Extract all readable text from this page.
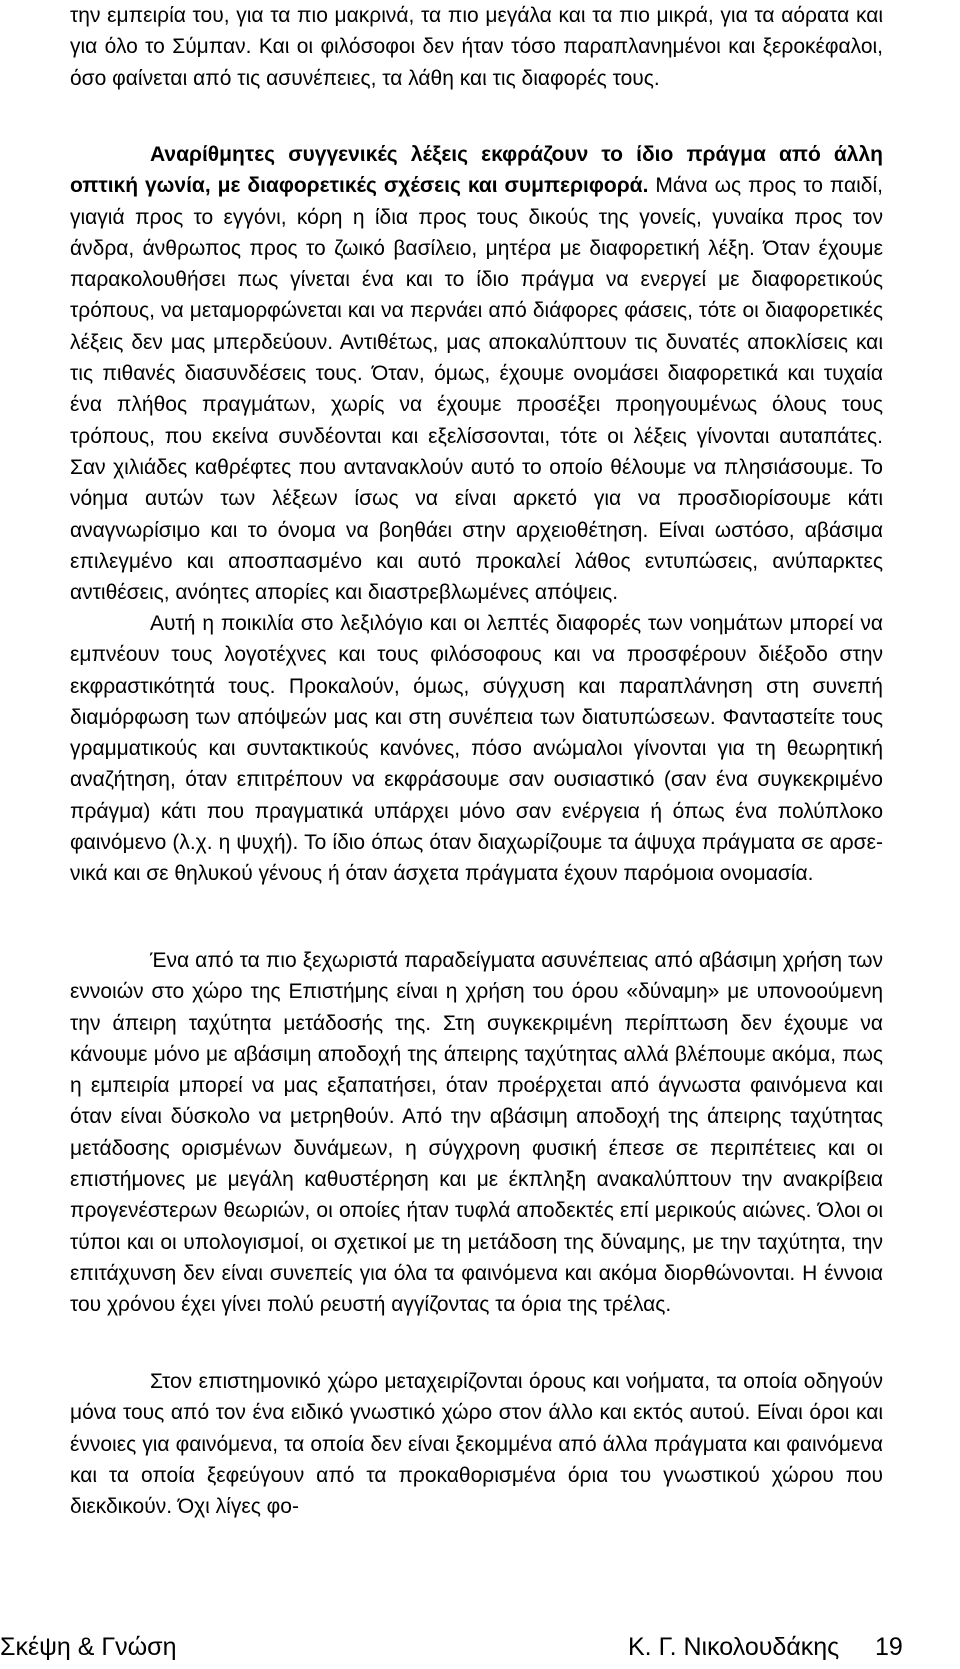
την εμπειρία του, για τα πιο μακρινά, τα πιο μεγάλα και τα πιο μικρά, για τα αόρατα και για όλο το Σύμπαν. Και οι φιλόσοφοι δεν ήταν τόσο παραπλανημένοι και ξεροκέφαλοι, όσο φαίνεται από τις ασυνέπειες, τα λάθη και τις διαφορές τους.

Αναρίθμητες συγγενικές λέξεις εκφράζουν το ίδιο πράγμα από άλλη οπτική γωνία, με διαφορετικές σχέσεις και συμπεριφορά. Μάνα ως προς το παιδί, γιαγιά προς το εγγόνι, κόρη η ίδια προς τους δικούς της γονείς, γυναίκα προς τον άνδρα, άνθρωπος προς το ζωικό βασίλειο, μητέρα με διαφορετική λέξη. Όταν έχουμε παρακολουθήσει πως γίνεται ένα και το ίδιο πράγμα να ενεργεί με διαφορετικούς τρόπους, να μεταμορφώνεται και να περνάει από διάφορες φάσεις, τότε οι διαφορετικές λέξεις δεν μας μπερδεύουν. Αντιθέτως, μας αποκαλύπτουν τις δυνατές αποκλίσεις και τις πιθανές διασυνδέσεις τους. Όταν, όμως, έχουμε ονομάσει διαφορετικά και τυχαία ένα πλήθος πραγμάτων, χωρίς να έχουμε προσέξει προηγουμένως όλους τους τρόπους, που εκείνα συνδέονται και εξελίσσονται, τότε οι λέξεις γίνονται αυταπάτες. Σαν χιλιάδες καθρέφτες που αντανακλούν αυτό το οποίο θέλουμε να πλησιάσουμε. Το νόημα αυτών των λέξεων ίσως να είναι αρκετό για να προσδιορίσουμε κάτι αναγνωρίσιμο και το όνομα να βοηθάει στην αρχειοθέτηση. Είναι ωστόσο, αβάσιμα επιλεγμένο και αποσπασμένο και αυτό προκαλεί λάθος εντυπώσεις, ανύπαρκτες αντιθέσεις, ανόητες απορίες και διαστρεβλωμένες απόψεις.

Αυτή η ποικιλία στο λεξιλόγιο και οι λεπτές διαφορές των νοημάτων μπορεί να εμπνέουν τους λογοτέχνες και τους φιλόσοφους και να προσφέρουν διέξοδο στην εκφραστικότητά τους. Προκαλούν, όμως, σύγχυση και παραπλάνηση στη συνεπή διαμόρφωση των απόψεών μας και στη συνέπεια των διατυπώσεων. Φανταστείτε τους γραμματικούς και συντακτικούς κανόνες, πόσο ανώμαλοι γίνονται για τη θεωρητική αναζήτηση, όταν επιτρέπουν να εκφράσουμε σαν ουσιαστικό (σαν ένα συγκεκριμένο πράγμα) κάτι που πραγματικά υπάρχει μόνο σαν ενέργεια ή όπως ένα πολύπλοκο φαινόμενο (λ.χ. η ψυχή). Το ίδιο όπως όταν διαχωρίζουμε τα άψυχα πράγματα σε αρσενικά και σε θηλυκού γένους ή όταν άσχετα πράγματα έχουν παρόμοια ονομασία.

Ένα από τα πιο ξεχωριστά παραδείγματα ασυνέπειας από αβάσιμη χρήση των εννοιών στο χώρο της Επιστήμης είναι η χρήση του όρου «δύναμη» με υπονοούμενη την άπειρη ταχύτητα μετάδοσής της. Στη συγκεκριμένη περίπτωση δεν έχουμε να κάνουμε μόνο με αβάσιμη αποδοχή της άπειρης ταχύτητας αλλά βλέπουμε ακόμα, πως η εμπειρία μπορεί να μας εξαπατήσει, όταν προέρχεται από άγνωστα φαινόμενα και όταν είναι δύσκολο να μετρηθούν. Από την αβάσιμη αποδοχή της άπειρης ταχύτητας μετάδοσης ορισμένων δυνάμεων, η σύγχρονη φυσική έπεσε σε περιπέτειες και οι επιστήμονες με μεγάλη καθυστέρηση και με έκπληξη ανακαλύπτουν την ανακρίβεια προγενέστερων θεωριών, οι οποίες ήταν τυφλά αποδεκτές επί μερικούς αιώνες. Όλοι οι τύποι και οι υπολογισμοί, οι σχετικοί με τη μετάδοση της δύναμης, με την ταχύτητα, την επιτάχυνση δεν είναι συνεπείς για όλα τα φαινόμενα και ακόμα διορθώνονται. Η έννοια του χρόνου έχει γίνει πολύ ρευστή αγγίζοντας τα όρια της τρέλας.

Στον επιστημονικό χώρο μεταχειρίζονται όρους και νοήματα, τα οποία οδηγούν μόνα τους από τον ένα ειδικό γνωστικό χώρο στον άλλο και εκτός αυτού. Είναι όροι και έννοιες για φαινόμενα, τα οποία δεν είναι ξεκομμένα από άλλα πράγματα και φαινόμενα και τα οποία ξεφεύγουν από τα προκαθορισμένα όρια του γνωστικού χώρου που διεκδικούν. Όχι λίγες φο-

Σκέψη & Γνώση	Κ. Γ. Νικολουδάκης 19
